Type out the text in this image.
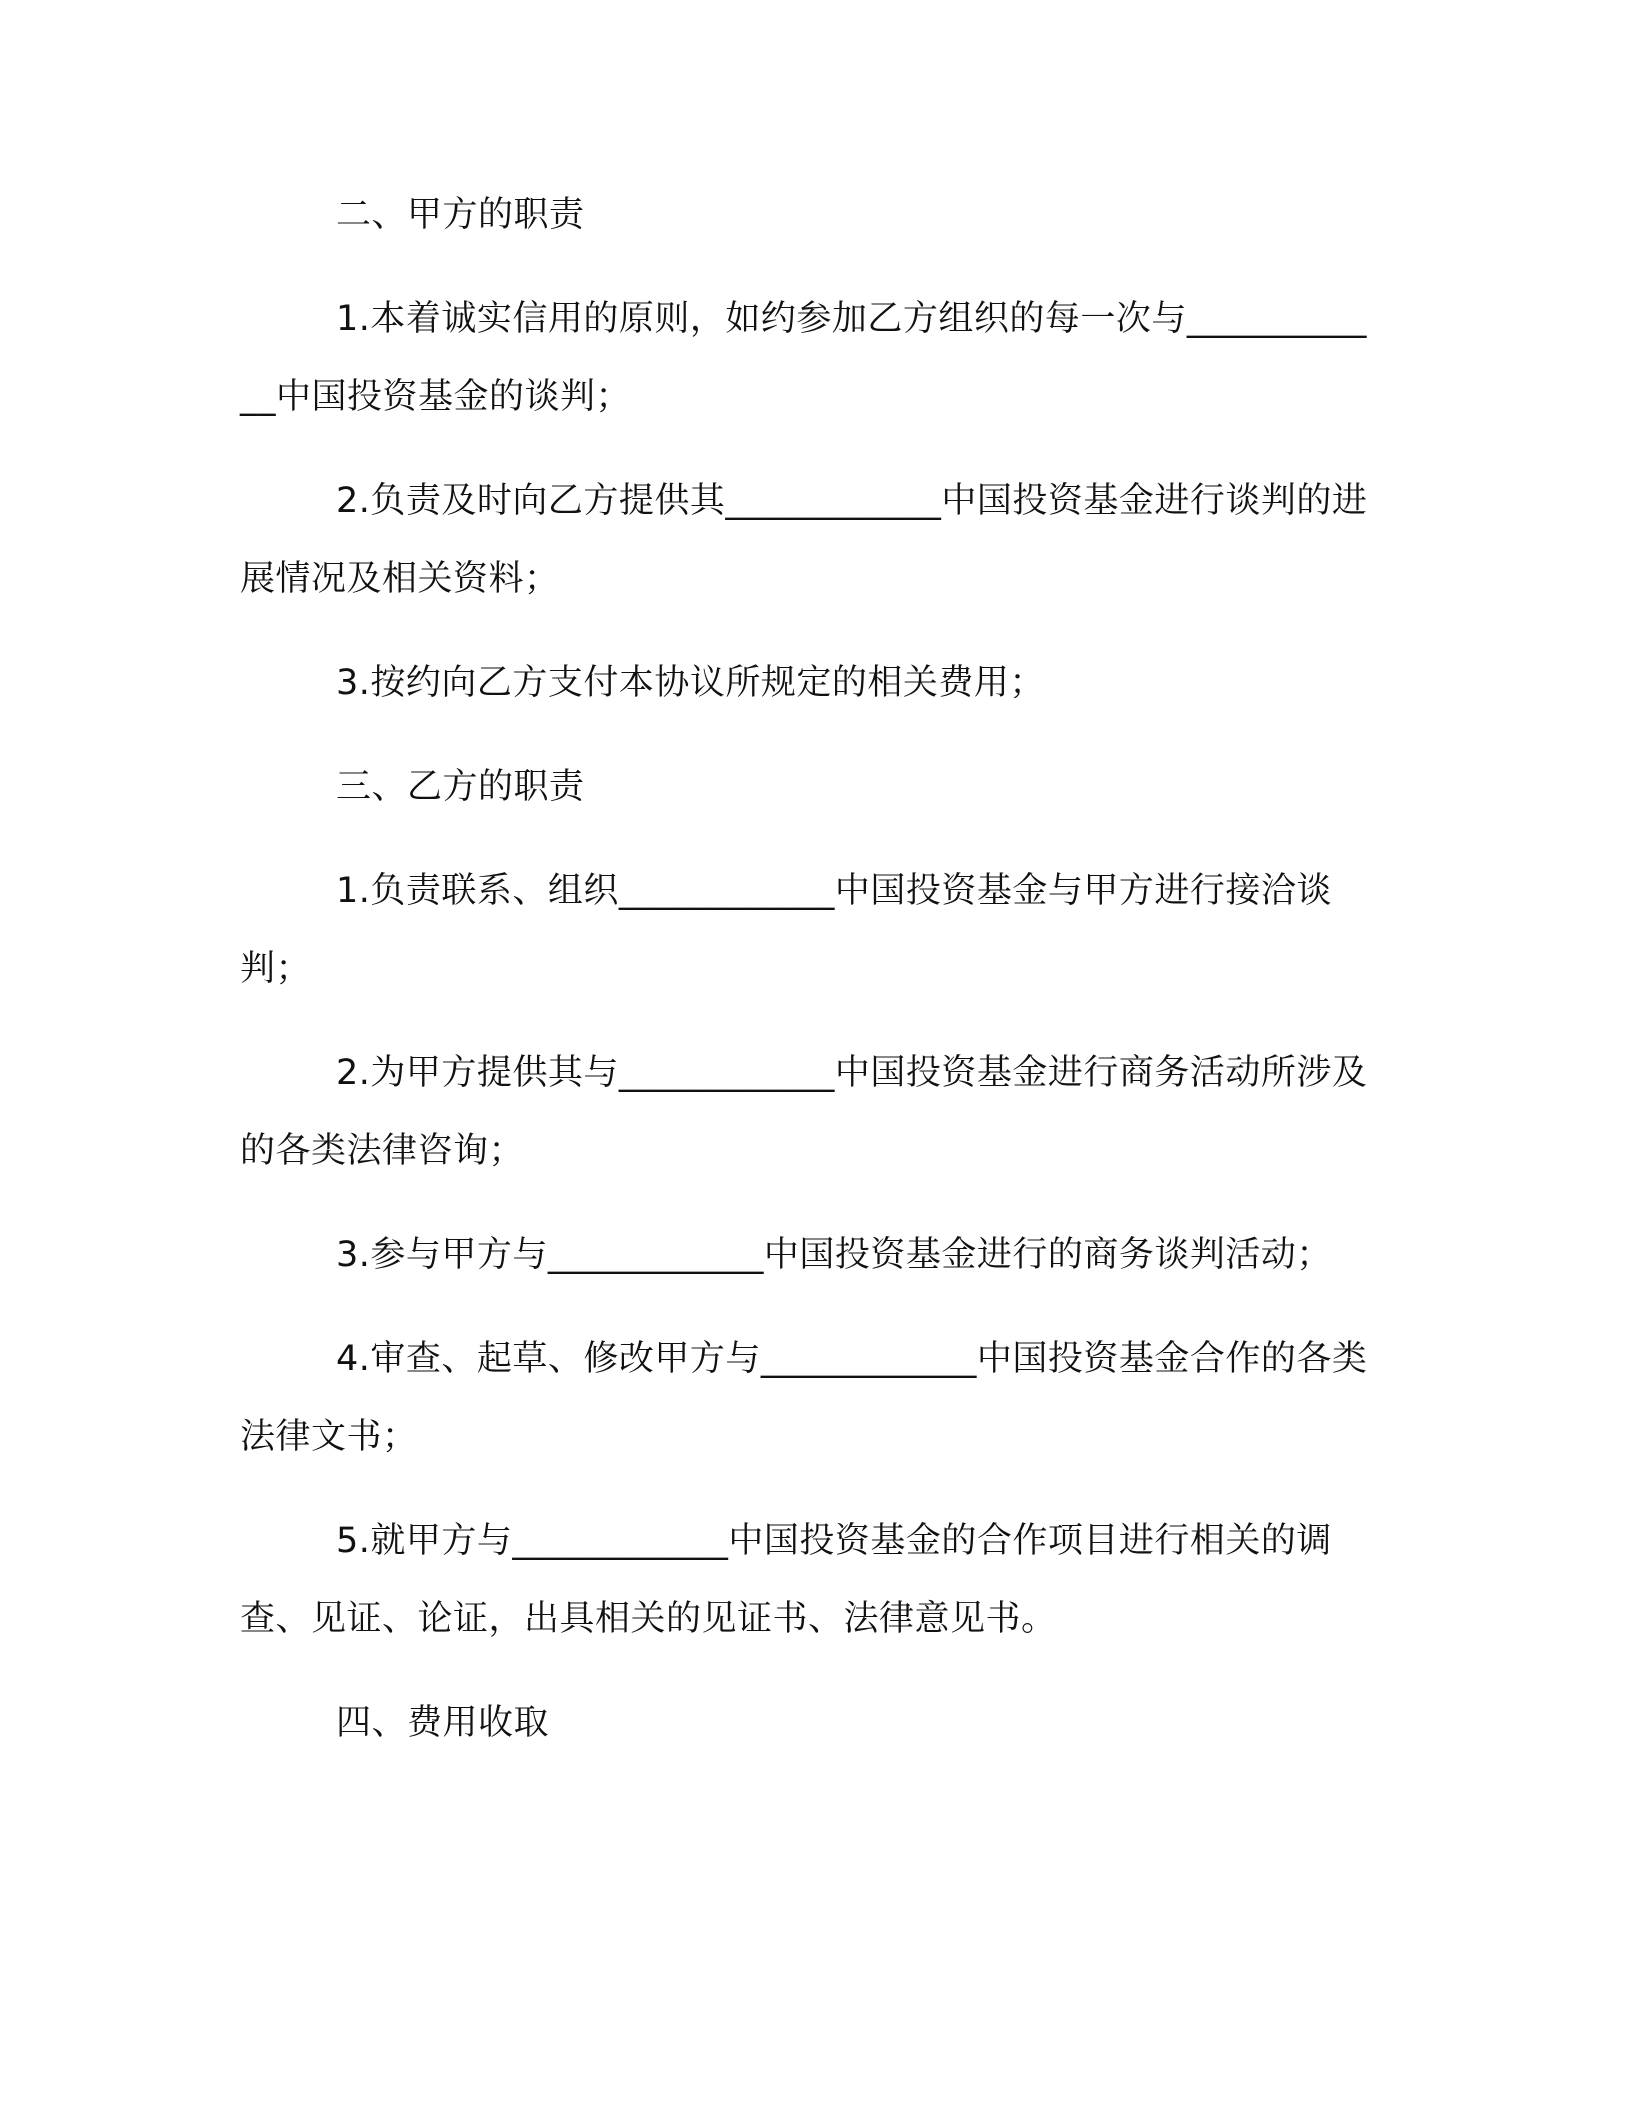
二、甲方的职责

1.本着诚实信用的原则，如约参加乙方组织的每一次与____________中国投资基金的谈判；

2.负责及时向乙方提供其____________中国投资基金进行谈判的进展情况及相关资料；

3.按约向乙方支付本协议所规定的相关费用；

三、乙方的职责

1.负责联系、组织____________中国投资基金与甲方进行接洽谈判；

2.为甲方提供其与____________中国投资基金进行商务活动所涉及的各类法律咨询；

3.参与甲方与____________中国投资基金进行的商务谈判活动；

4.审查、起草、修改甲方与____________中国投资基金合作的各类法律文书；

5.就甲方与____________中国投资基金的合作项目进行相关的调查、见证、论证，出具相关的见证书、法律意见书。

四、费用收取
